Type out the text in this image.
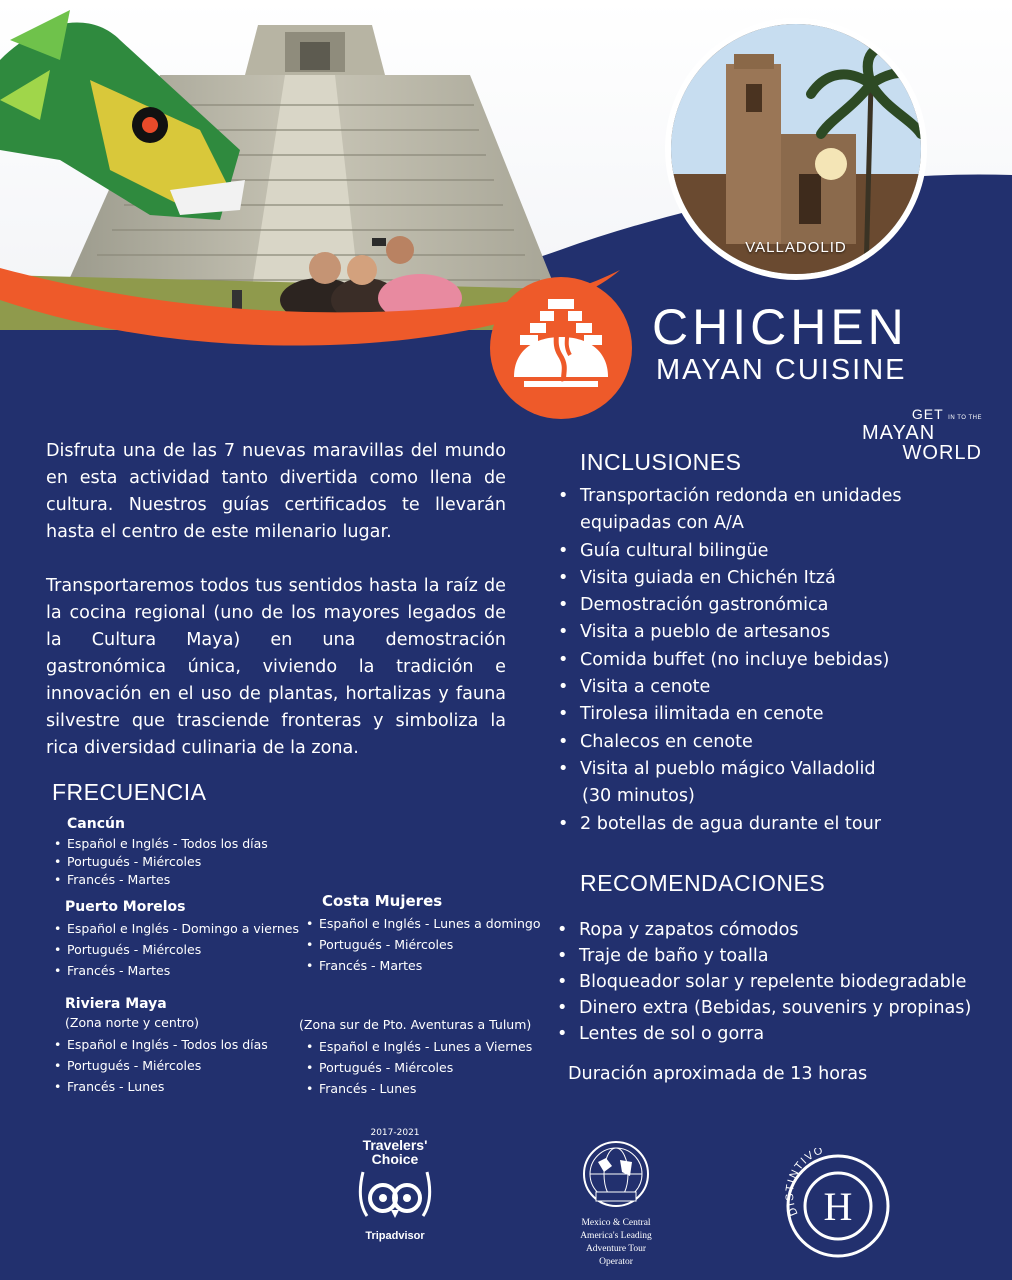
VALLADOLID
CHICHEN
MAYAN CUISINE
GET IN TO THE
MAYAN
WORLD

Disfruta una de las 7 nuevas maravillas del mundo en esta actividad tanto divertida como llena de cultura. Nuestros guías certificados te llevarán hasta el centro de este milenario lugar.

Transportaremos todos tus sentidos hasta la raíz de la cocina regional (uno de los mayores legados de la Cultura Maya) en una demostración gastronómica única, viviendo la tradición e innovación en el uso de plantas, hortalizas y fauna silvestre que trasciende fronteras y simboliza la rica diversidad culinaria de la zona.

FRECUENCIA
Cancún
• Español e Inglés - Todos los días
• Portugués - Miércoles
• Francés - Martes
Puerto Morelos
• Español e Inglés - Domingo a viernes
• Portugués - Miércoles
• Francés - Martes
Riviera Maya
(Zona norte y centro)
• Español e Inglés - Todos los días
• Portugués - Miércoles
• Francés - Lunes
Costa Mujeres
• Español e Inglés - Lunes a domingo
• Portugués - Miércoles
• Francés - Martes
(Zona sur de Pto. Aventuras a Tulum)
• Español e Inglés - Lunes a Viernes
• Portugués - Miércoles
• Francés - Lunes
INCLUSIONES
• Transportación redonda en unidades
equipadas con A/A
• Guía cultural bilingüe
• Visita guiada en Chichén Itzá
• Demostración gastronómica
• Visita a pueblo de artesanos
• Comida buffet (no incluye bebidas)
• Visita a cenote
• Tirolesa ilimitada en cenote
• Chalecos en cenote
• Visita al pueblo mágico Valladolid
(30 minutos)
• 2 botellas de agua durante el tour
RECOMENDACIONES
• Ropa y zapatos cómodos
• Traje de baño y toalla
• Bloqueador solar y repelente biodegradable
• Dinero extra (Bebidas, souvenirs y propinas)
• Lentes de sol o gorra
Duración aproximada de 13 horas
2017-2021
Travelers'
Choice
Tripadvisor
Mexico & Central
America's Leading
Adventure Tour
Operator
DISTINTIVO
H
